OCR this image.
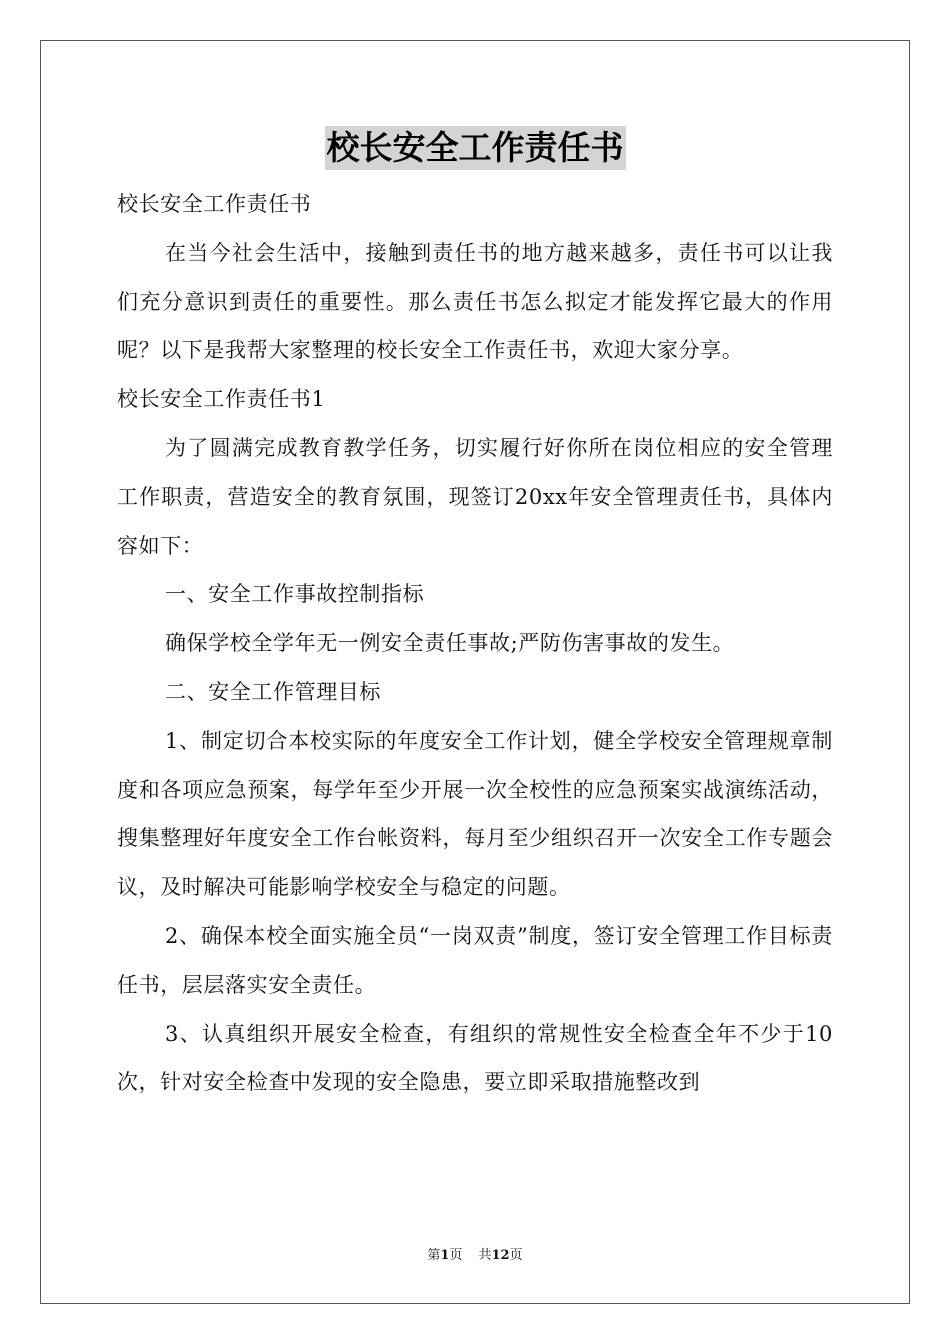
校长安全工作责任书

校长安全工作责任书

在当今社会生活中，接触到责任书的地方越来越多，责任书可以让我们充分意识到责任的重要性。那么责任书怎么拟定才能发挥它最大的作用呢？以下是我帮大家整理的校长安全工作责任书，欢迎大家分享。

校长安全工作责任书1

为了圆满完成教育教学任务，切实履行好你所在岗位相应的安全管理工作职责，营造安全的教育氛围，现签订20xx年安全管理责任书，具体内容如下：

一、安全工作事故控制指标

确保学校全学年无一例安全责任事故;严防伤害事故的发生。

二、安全工作管理目标

1、制定切合本校实际的年度安全工作计划，健全学校安全管理规章制度和各项应急预案，每学年至少开展一次全校性的应急预案实战演练活动，搜集整理好年度安全工作台帐资料，每月至少组织召开一次安全工作专题会议，及时解决可能影响学校安全与稳定的问题。

2、确保本校全面实施全员“一岗双责”制度，签订安全管理工作目标责任书，层层落实安全责任。

3、认真组织开展安全检查，有组织的常规性安全检查全年不少于10次，针对安全检查中发现的安全隐患，要立即采取措施整改到

第1页 共12页
